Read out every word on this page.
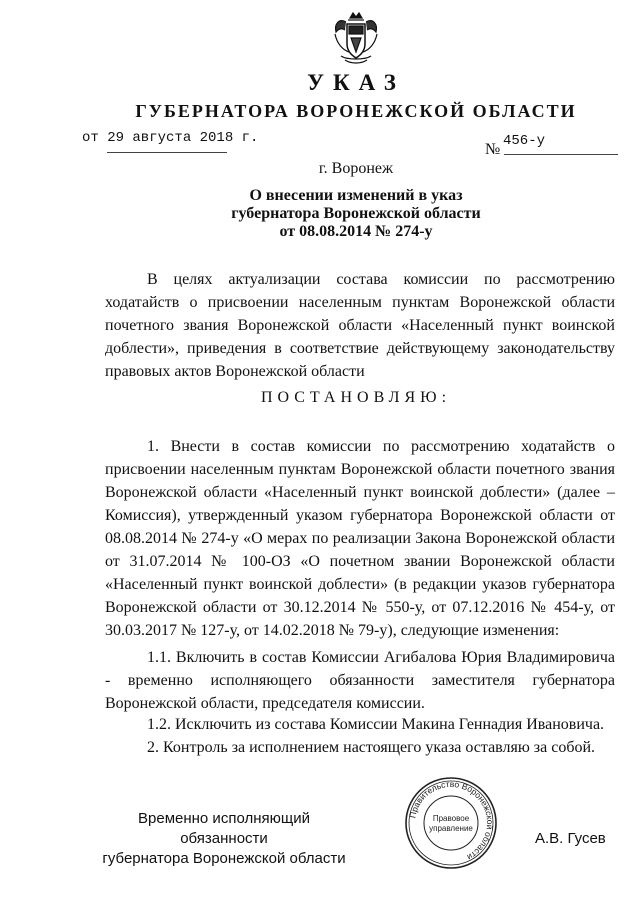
УКАЗ
ГУБЕРНАТОРА ВОРОНЕЖСКОЙ ОБЛАСТИ
от 29 августа 2018 г.
№ 456-у
г. Воронеж
О внесении изменений в указ
губернатора Воронежской области
от 08.08.2014 № 274-у
В целях актуализации состава комиссии по рассмотрению ходатайств о присвоении населенным пунктам Воронежской области почетного звания Воронежской области «Населенный пункт воинской доблести», приведения в соответствие действующему законодательству правовых актов Воронежской области
ПОСТАНОВЛЯЮ:
1. Внести в состав комиссии по рассмотрению ходатайств о присвоении населенным пунктам Воронежской области почетного звания Воронежской области «Населенный пункт воинской доблести» (далее – Комиссия), утвержденный указом губернатора Воронежской области от 08.08.2014 № 274-у «О мерах по реализации Закона Воронежской области от 31.07.2014 № 100-ОЗ «О почетном звании Воронежской области «Населенный пункт воинской доблести» (в редакции указов губернатора Воронежской области от 30.12.2014 № 550-у, от 07.12.2016 № 454-у, от 30.03.2017 № 127-у, от 14.02.2018 № 79-у), следующие изменения:
1.1. Включить в состав Комиссии Агибалова Юрия Владимировича - временно исполняющего обязанности заместителя губернатора Воронежской области, председателя комиссии.
1.2. Исключить из состава Комиссии Макина Геннадия Ивановича.
2. Контроль за исполнением настоящего указа оставляю за собой.
Временно исполняющий обязанности
губернатора Воронежской области
А.В. Гусев
Правительство Воронежской области
Правовое
управление
